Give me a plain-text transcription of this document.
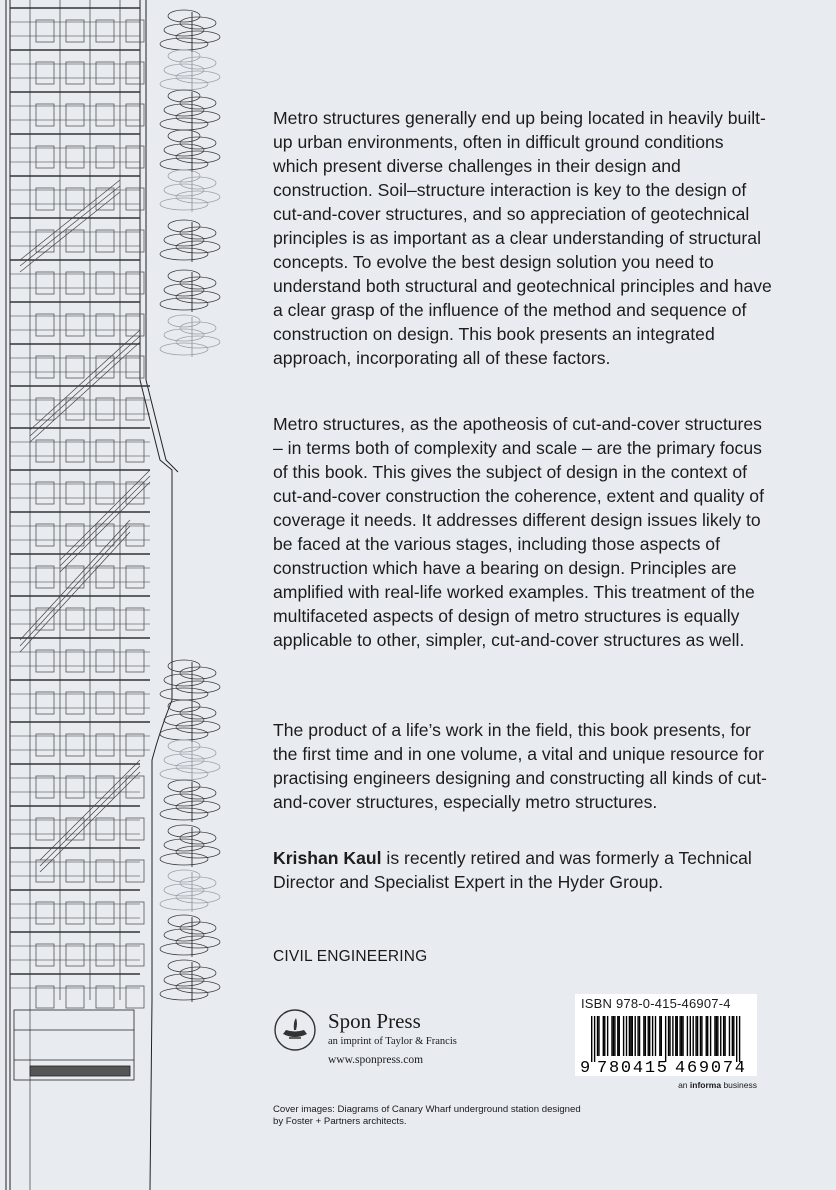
Metro structures generally end up being located in heavily built-up urban environments, often in difficult ground conditions which present diverse challenges in their design and construction. Soil–structure interaction is key to the design of cut-and-cover structures, and so appreciation of geotechnical principles is as important as a clear understanding of structural concepts. To evolve the best design solution you need to understand both structural and geotechnical principles and have a clear grasp of the influence of the method and sequence of construction on design. This book presents an integrated approach, incorporating all of these factors.

Metro structures, as the apotheosis of cut-and-cover structures – in terms both of complexity and scale – are the primary focus of this book. This gives the subject of design in the context of cut-and-cover construction the coherence, extent and quality of coverage it needs. It addresses different design issues likely to be faced at the various stages, including those aspects of construction which have a bearing on design. Principles are amplified with real-life worked examples. This treatment of the multifaceted aspects of design of metro structures is equally applicable to other, simpler, cut-and-cover structures as well.

The product of a life’s work in the field, this book presents, for the first time and in one volume, a vital and unique resource for practising engineers designing and constructing all kinds of cut-and-cover structures, especially metro structures.

Krishan Kaul is recently retired and was formerly a Technical Director and Specialist Expert in the Hyder Group.

CIVIL ENGINEERING

Spon Press
an imprint of Taylor & Francis
www.sponpress.com
ISBN 978-0-415-46907-4
9 780415 469074
an informa business

Cover images: Diagrams of Canary Wharf underground station designed by Foster + Partners architects.
